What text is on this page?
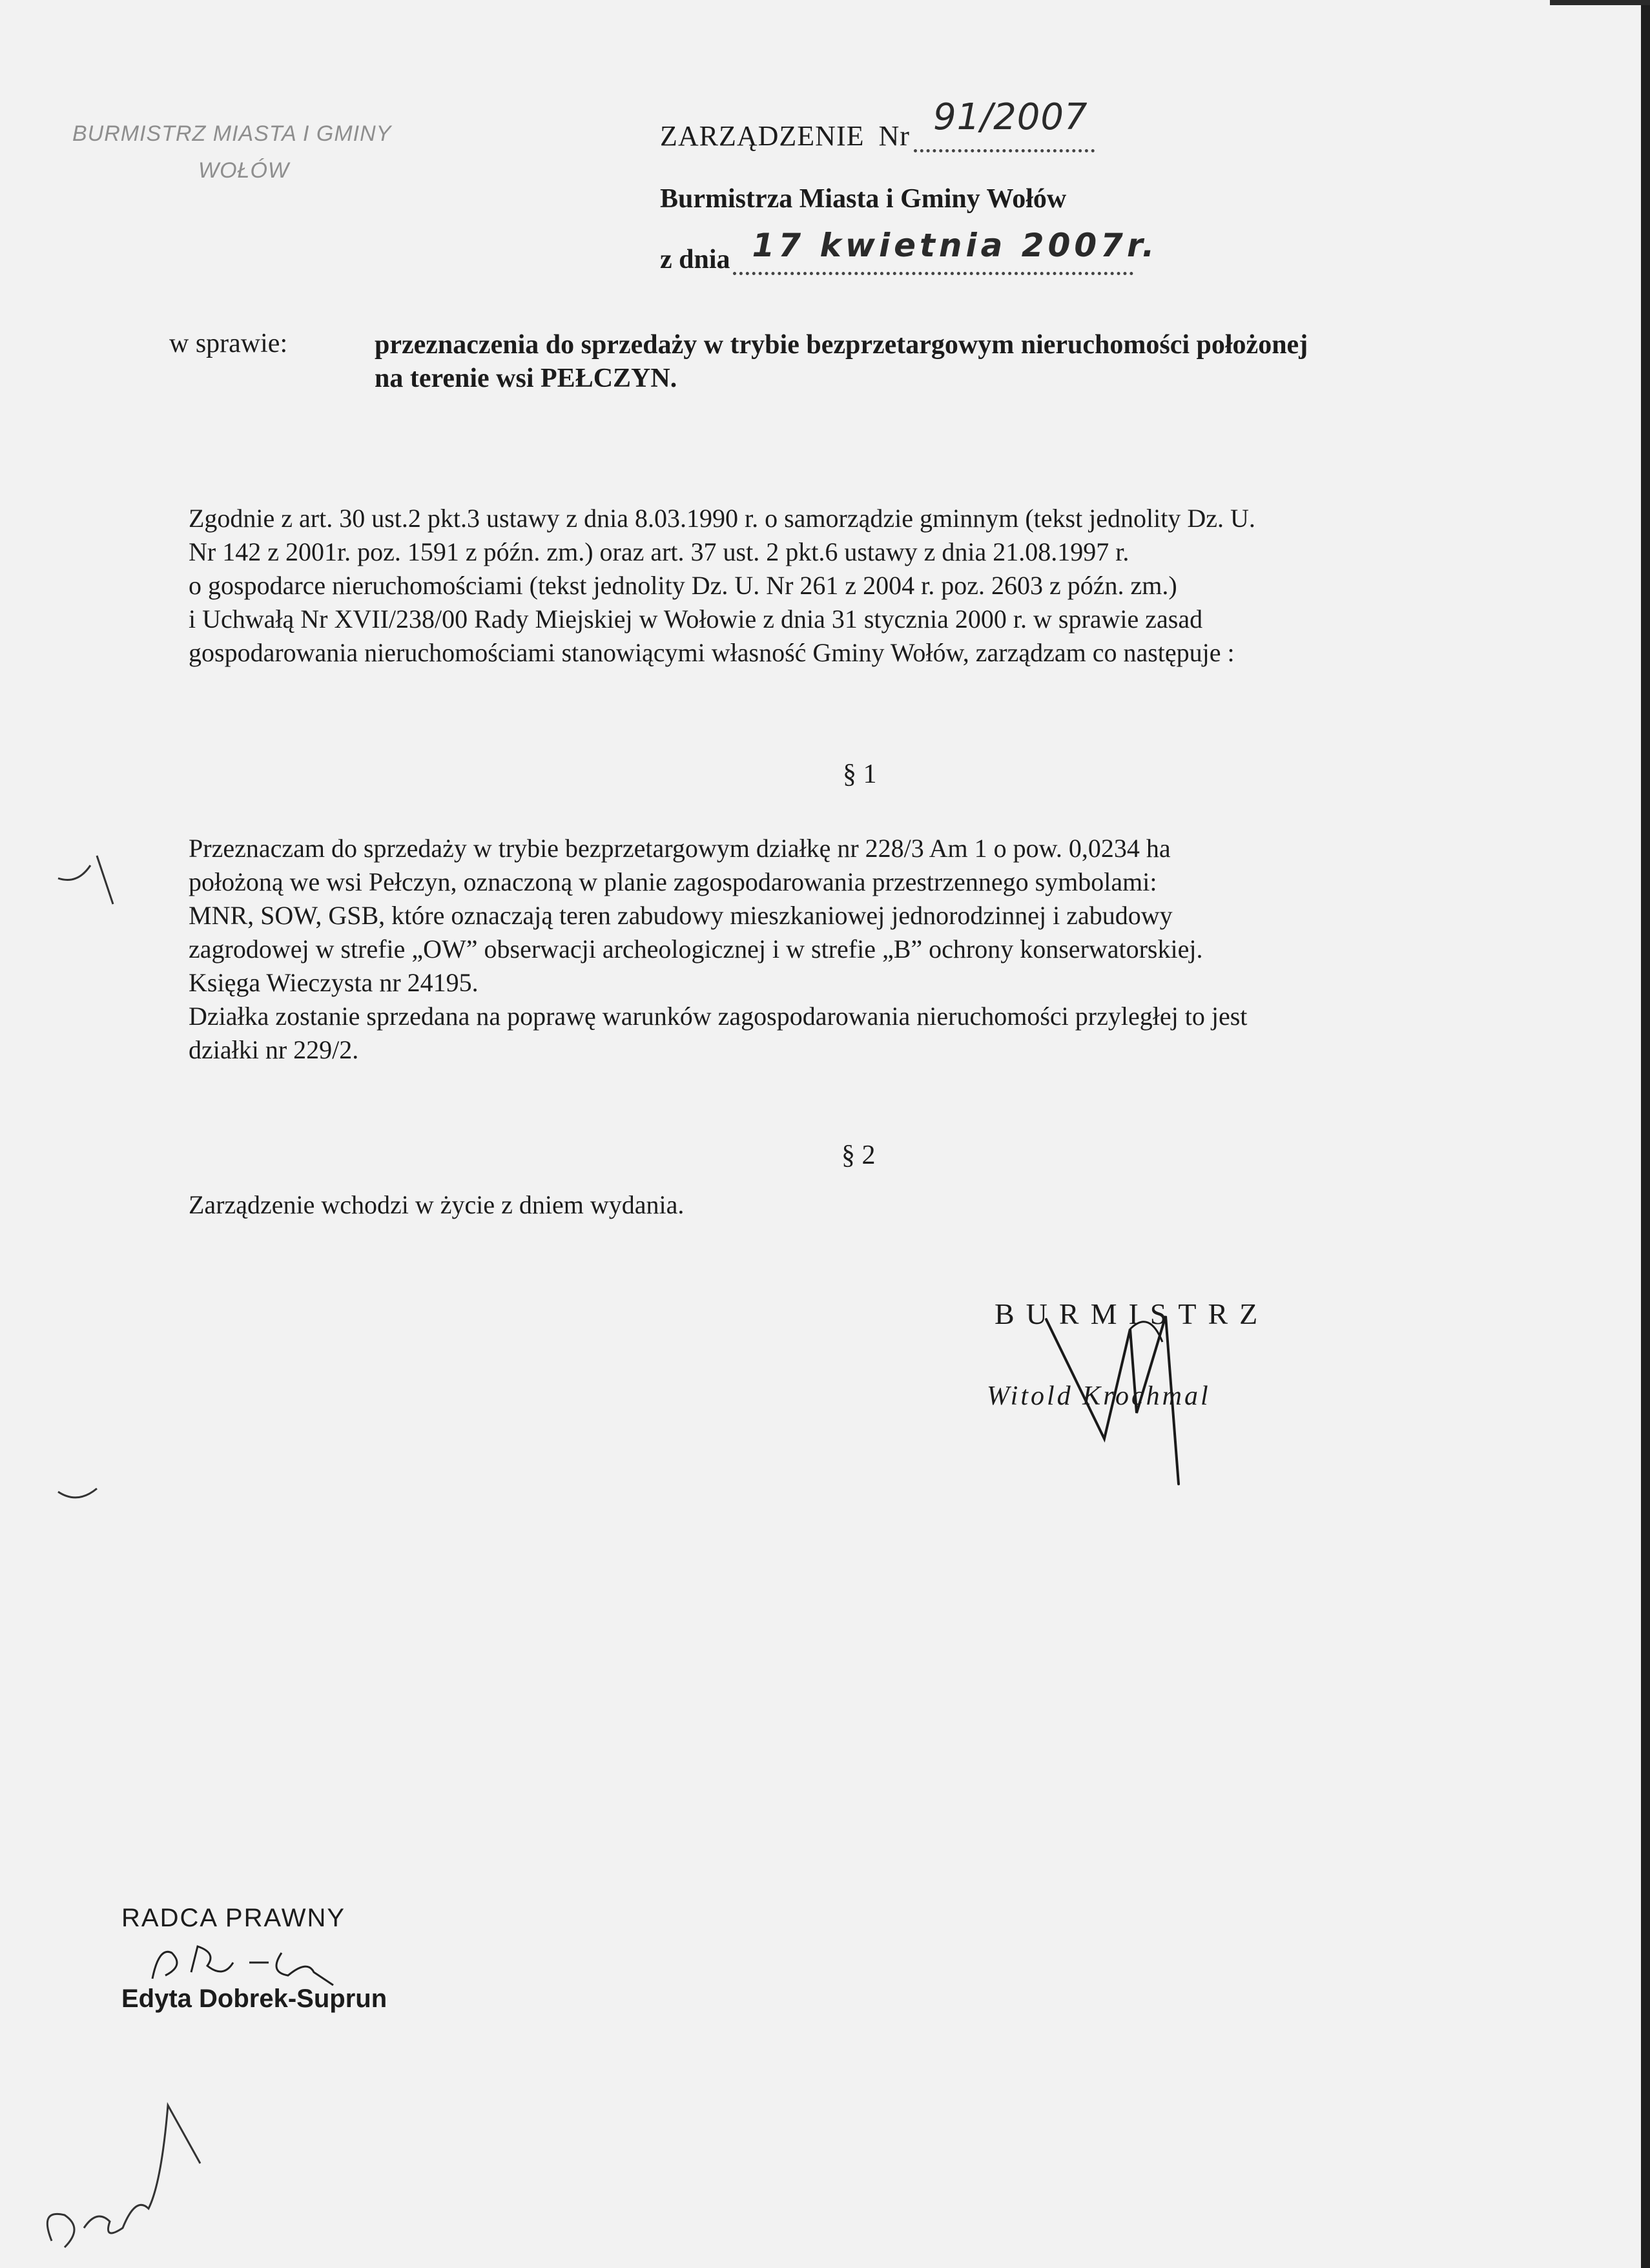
BURMISTRZ MIASTA I GMINY
WOŁÓW
ZARZĄDZENIE Nr 91/2007
Burmistrza Miasta i Gminy Wołów
z dnia 17 kwietnia 2007r.
w sprawie:	przeznaczenia do sprzedaży w trybie bezprzetargowym nieruchomości położonej
na terenie wsi PEŁCZYN.
Zgodnie z art. 30 ust.2 pkt.3 ustawy z dnia 8.03.1990 r. o samorządzie gminnym (tekst jednolity Dz. U.
Nr 142 z 2001r. poz. 1591 z późn. zm.) oraz art. 37 ust. 2 pkt.6 ustawy z dnia 21.08.1997 r.
o gospodarce nieruchomościami (tekst jednolity Dz. U. Nr 261 z 2004 r. poz. 2603 z późn. zm.)
i Uchwałą Nr XVII/238/00 Rady Miejskiej w Wołowie z dnia 31 stycznia 2000 r. w sprawie zasad
gospodarowania nieruchomościami stanowiącymi własność Gminy Wołów, zarządzam co następuje :
§ 1
Przeznaczam do sprzedaży w trybie bezprzetargowym działkę nr 228/3 Am 1 o pow. 0,0234 ha
położoną we wsi Pełczyn, oznaczoną w planie zagospodarowania przestrzennego symbolami:
MNR, SOW, GSB, które oznaczają teren zabudowy mieszkaniowej jednorodzinnej i zabudowy
zagrodowej w strefie „OW” obserwacji archeologicznej i w strefie „B” ochrony konserwatorskiej.
Księga Wieczysta nr 24195.
Działka zostanie sprzedana na poprawę warunków zagospodarowania nieruchomości przyległej to jest
działki nr 229/2.
§ 2
Zarządzenie wchodzi w życie z dniem wydania.
BURMISTRZ
Witold Krochmal
RADCA PRAWNY
Edyta Dobrek-Suprun
